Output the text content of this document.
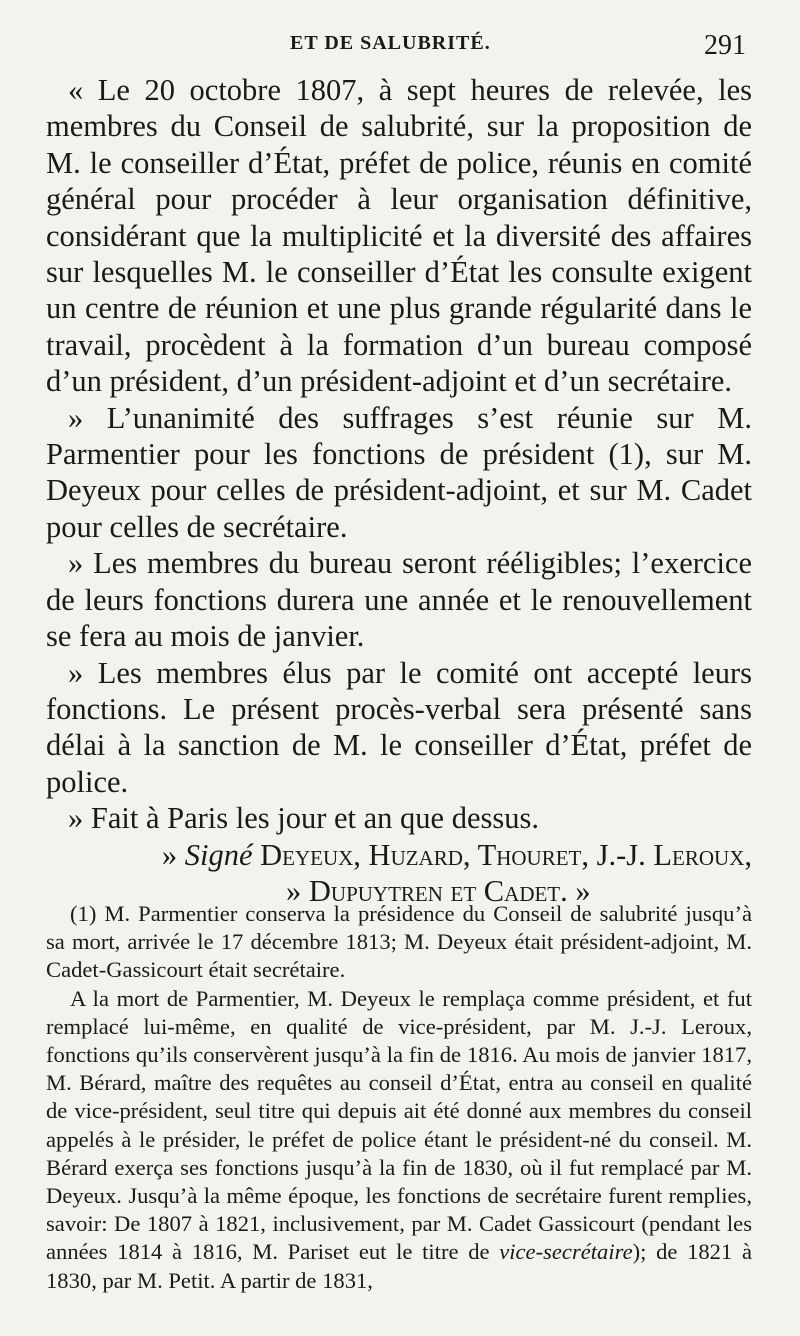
ET DE SALUBRITÉ.	291

« Le 20 octobre 1807, à sept heures de relevée, les membres du Conseil de salubrité, sur la proposition de M. le conseiller d’État, préfet de police, réunis en comité général pour procéder à leur organisation définitive, considérant que la multiplicité et la diversité des affaires sur lesquelles M. le conseiller d’État les consulte exigent un centre de réunion et une plus grande régularité dans le travail, procèdent à la formation d’un bureau composé d’un président, d’un président-adjoint et d’un secrétaire.

» L’unanimité des suffrages s’est réunie sur M. Parmentier pour les fonctions de président (1), sur M. Deyeux pour celles de président-adjoint, et sur M. Cadet pour celles de secrétaire.

» Les membres du bureau seront rééligibles; l’exercice de leurs fonctions durera une année et le renouvellement se fera au mois de janvier.

» Les membres élus par le comité ont accepté leurs fonctions. Le présent procès-verbal sera présenté sans délai à la sanction de M. le conseiller d’État, préfet de police.

» Fait à Paris les jour et an que dessus.

» Signé Deyeux, Huzard, Thouret, J.-J. Leroux,

» Dupuytren et Cadet. »

(1) M. Parmentier conserva la présidence du Conseil de salubrité jusqu’à sa mort, arrivée le 17 décembre 1813; M. Deyeux était président-adjoint, M. Cadet-Gassicourt était secrétaire.

A la mort de Parmentier, M. Deyeux le remplaça comme président, et fut remplacé lui-même, en qualité de vice-président, par M. J.-J. Leroux, fonctions qu’ils conservèrent jusqu’à la fin de 1816. Au mois de janvier 1817, M. Bérard, maître des requêtes au conseil d’État, entra au conseil en qualité de vice-président, seul titre qui depuis ait été donné aux membres du conseil appelés à le présider, le préfet de police étant le président-né du conseil. M. Bérard exerça ses fonctions jusqu’à la fin de 1830, où il fut remplacé par M. Deyeux. Jusqu’à la même époque, les fonctions de secrétaire furent remplies, savoir: De 1807 à 1821, inclusivement, par M. Cadet Gassicourt (pendant les années 1814 à 1816, M. Pariset eut le titre de vice-secrétaire); de 1821 à 1830, par M. Petit. A partir de 1831,
